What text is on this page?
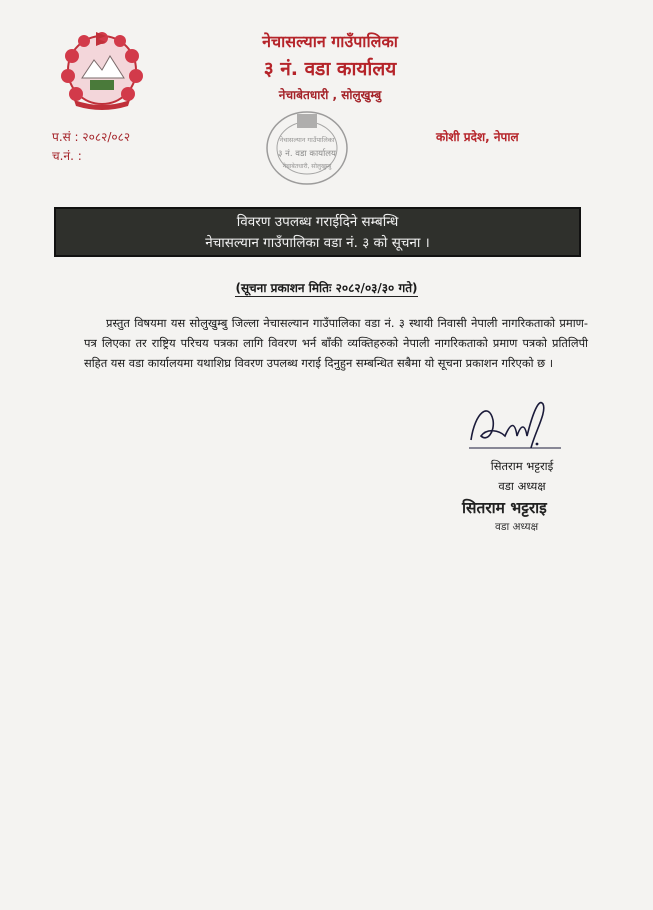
नेचासल्यान गाउँपालिका
३ नं. वडा कार्यालय
नेचाबेतधारी , सोलुखुम्बु
प.सं : २०८२/०८२
च.नं. :
कोशी प्रदेश, नेपाल
नेचासल्यान गाउँपालिका
३ नं. वडा कार्यालय
नेचाबेतधारी, सोलुखुम्बु
विवरण उपलब्ध गराईदिने सम्बन्धि
नेचासल्यान गाउँपालिका वडा नं. ३ को सूचना ।
(सूचना प्रकाशन मितिः २०८२/०३/३० गते)
प्रस्तुत विषयमा यस सोलुखुम्बु जिल्ला नेचासल्यान गाउँपालिका वडा नं. ३ स्थायी निवासी नेपाली नागरिकताको प्रमाण-पत्र लिएका तर राष्ट्रिय परिचय पत्रका लागि विवरण भर्न बाँकी व्यक्तिहरुको नेपाली नागरिकताको प्रमाण पत्रको प्रतिलिपी सहित यस वडा कार्यालयमा यथाशिघ्र विवरण उपलब्ध गराई दिनुहुन सम्बन्धित सबैमा यो सूचना प्रकाशन गरिएको छ ।
सितराम भट्टराई
वडा अध्यक्ष
सितराम भट्टराइ
वडा अध्यक्ष
